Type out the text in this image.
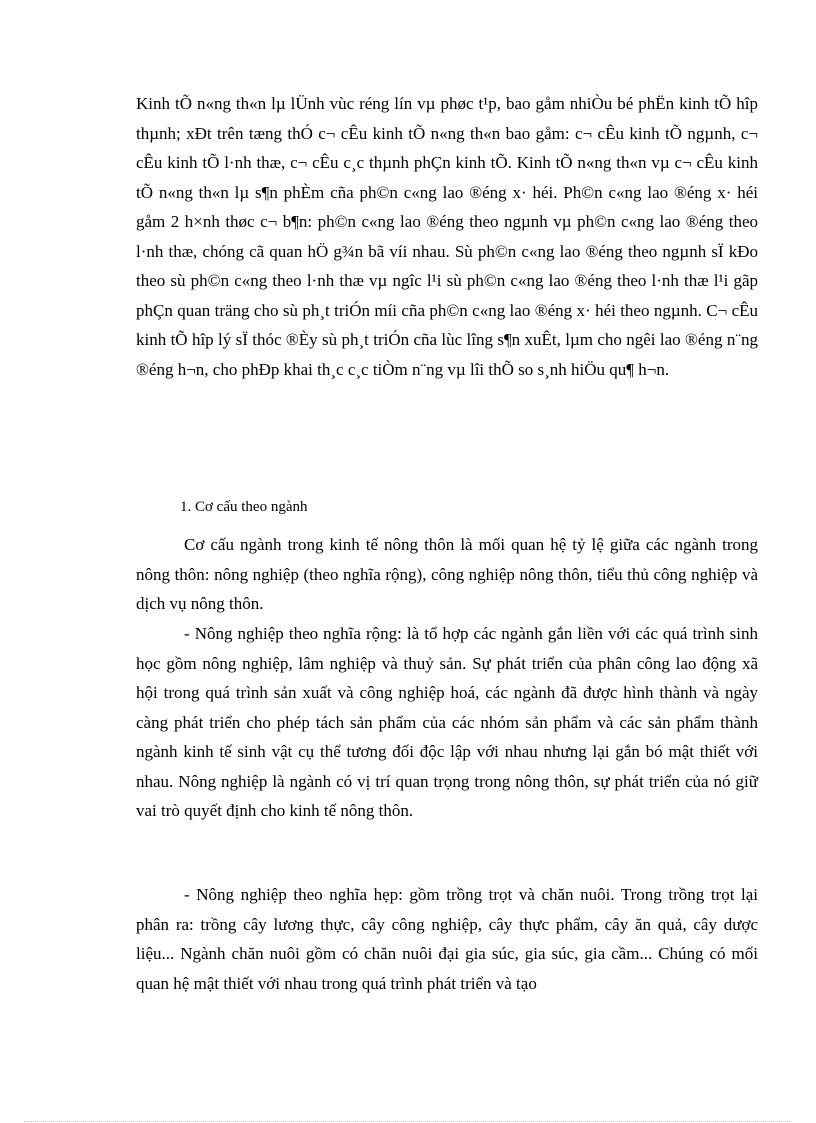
Kinh tÕ n«ng th«n lµ lÜnh vùc réng lín vµ phøc t¹p, bao gåm nhiÒu bé phËn kinh tÕ hîp thµnh; xÐt trên tæng thÓ c¬ cÊu kinh tÕ n«ng th«n bao gåm: c¬ cÊu kinh tÕ ngµnh, c¬ cÊu kinh tÕ l·nh thæ, c¬ cÊu c¸c thµnh phÇn kinh tÕ. Kinh tÕ n«ng th«n vµ c¬ cÊu kinh tÕ n«ng th«n lµ s¶n phÈm cña ph©n c«ng lao ®éng x· héi. Ph©n c«ng lao ®éng x· héi gåm 2 h×nh thøc c¬ b¶n: ph©n c«ng lao ®éng theo ngµnh vµ ph©n c«ng lao ®éng theo l·nh thæ, chóng cã quan hÖ g¾n bã víi nhau. Sù ph©n c«ng lao ®éng theo ngµnh sÏ kÐo theo sù ph©n c«ng theo l·nh thæ vµ ngîc l¹i sù ph©n c«ng lao ®éng theo l·nh thæ l¹i gãp phÇn quan träng cho sù ph¸t triÓn míi cña ph©n c«ng lao ®éng x· héi theo ngµnh. C¬ cÊu kinh tÕ hîp lý sÏ thóc ®Èy sù ph¸t triÓn cña lùc lîng s¶n xuÊt, lµm cho ngêi lao ®éng n¨ng ®éng h¬n, cho phÐp khai th¸c c¸c tiÒm n¨ng vµ lîi thÕ so s¸nh hiÖu qu¶ h¬n.

1. Cơ cấu theo ngành

Cơ cấu ngành trong kinh tế nông thôn là mối quan hệ tỷ lệ giữa các ngành trong nông thôn: nông nghiệp (theo nghĩa rộng), công nghiệp nông thôn, tiểu thủ công nghiệp và dịch vụ nông thôn.

- Nông nghiệp theo nghĩa rộng: là tổ hợp các ngành gắn liền với các quá trình sinh học gồm nông nghiệp, lâm nghiệp và thuỷ sản. Sự phát triển của phân công lao động xã hội trong quá trình sản xuất và công nghiệp hoá, các ngành đã được hình thành và ngày càng phát triển cho phép tách sản phẩm của các nhóm sản phẩm và các sản phẩm thành ngành kinh tế sinh vật cụ thể tương đối độc lập với nhau nhưng lại gắn bó mật thiết với nhau. Nông nghiệp là ngành có vị trí quan trọng trong nông thôn, sự phát triển của nó giữ vai trò quyết định cho kinh tế nông thôn.

- Nông nghiệp theo nghĩa hẹp: gồm trồng trọt và chăn nuôi. Trong trồng trọt lại phân ra: trồng cây lương thực, cây công nghiệp, cây thực phẩm, cây ăn quả, cây dược liệu... Ngành chăn nuôi gồm có chăn nuôi đại gia súc, gia súc, gia cầm... Chúng có mối quan hệ mật thiết với nhau trong quá trình phát triển và tạo
